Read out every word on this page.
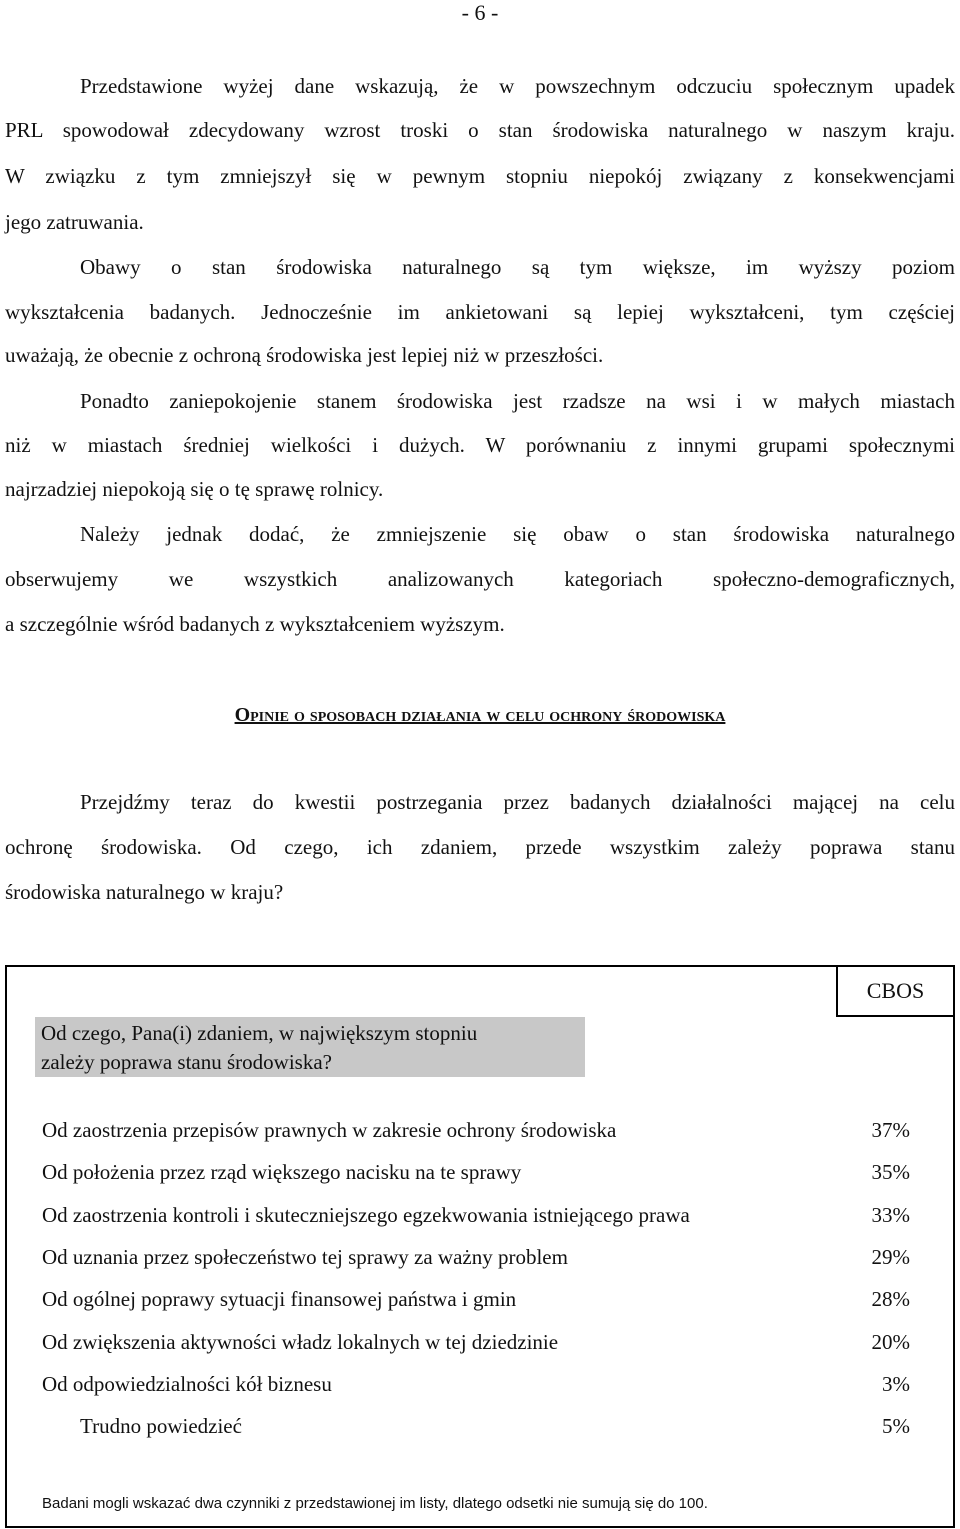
- 6 -
Przedstawione wyżej dane wskazują, że w powszechnym odczuciu społecznym upadek
PRL spowodował zdecydowany wzrost troski o stan środowiska naturalnego w naszym kraju.
W związku z tym zmniejszył się w pewnym stopniu niepokój związany z konsekwencjami
jego zatruwania.
Obawy o stan środowiska naturalnego są tym większe, im wyższy poziom
wykształcenia badanych. Jednocześnie im ankietowani są lepiej wykształceni, tym częściej
uważają, że obecnie z ochroną środowiska jest lepiej niż w przeszłości.
Ponadto zaniepokojenie stanem środowiska jest rzadsze na wsi i w małych miastach
niż w miastach średniej wielkości i dużych. W porównaniu z innymi grupami społecznymi
najrzadziej niepokoją się o tę sprawę rolnicy.
Należy jednak dodać, że zmniejszenie się obaw o stan środowiska naturalnego
obserwujemy we wszystkich analizowanych kategoriach społeczno-demograficznych,
a szczególnie wśród badanych z wykształceniem wyższym.
Opinie o sposobach działania w celu ochrony środowiska
Przejdźmy teraz do kwestii postrzegania przez badanych działalności mającej na celu
ochronę środowiska. Od czego, ich zdaniem, przede wszystkim zależy poprawa stanu
środowiska naturalnego w kraju?
CBOS
Od czego, Pana(i) zdaniem, w największym stopniu
zależy poprawa stanu środowiska?
Od zaostrzenia przepisów prawnych w zakresie ochrony środowiska	37%
Od położenia przez rząd większego nacisku na te sprawy	35%
Od zaostrzenia kontroli i skuteczniejszego egzekwowania istniejącego prawa	33%
Od uznania przez społeczeństwo tej sprawy za ważny problem	29%
Od ogólnej poprawy sytuacji finansowej państwa i gmin	28%
Od zwiększenia aktywności władz lokalnych w tej dziedzinie	20%
Od odpowiedzialności kół biznesu	3%
Trudno powiedzieć	5%
Badani mogli wskazać dwa czynniki z przedstawionej im listy, dlatego odsetki nie sumują się do 100.
